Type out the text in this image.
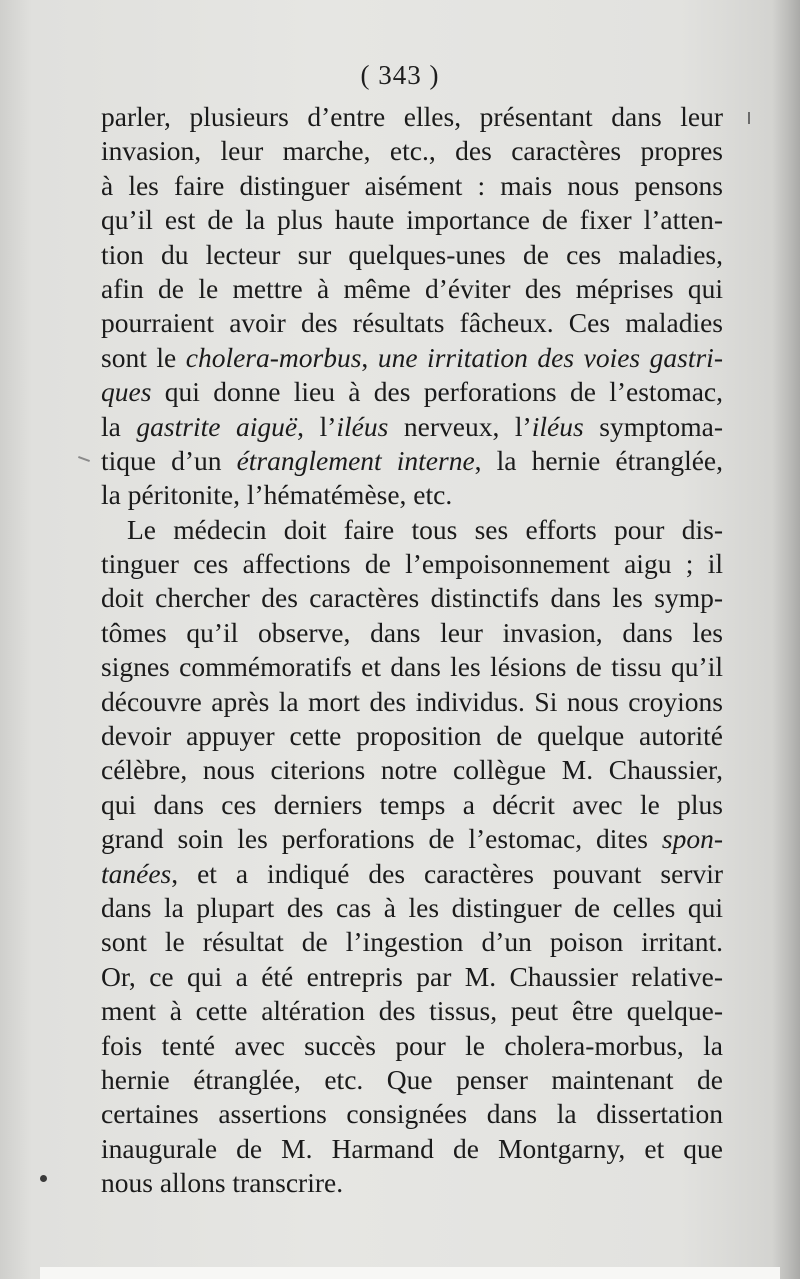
( 343 )
parler, plusieurs d’entre elles, présentant dans leur
invasion, leur marche, etc., des caractères propres
à les faire distinguer aisément : mais nous pensons
qu’il est de la plus haute importance de fixer l’atten-
tion du lecteur sur quelques-unes de ces maladies,
afin de le mettre à même d’éviter des méprises qui
pourraient avoir des résultats fâcheux. Ces maladies
sont le cholera-morbus, une irritation des voies gastri-
ques qui donne lieu à des perforations de l’estomac,
la gastrite aiguë, l’iléus nerveux, l’iléus symptoma-
tique d’un étranglement interne, la hernie étranglée,
la péritonite, l’hématémèse, etc.
Le médecin doit faire tous ses efforts pour dis-
tinguer ces affections de l’empoisonnement aigu ; il
doit chercher des caractères distinctifs dans les symp-
tômes qu’il observe, dans leur invasion, dans les
signes commémoratifs et dans les lésions de tissu qu’il
découvre après la mort des individus. Si nous croyions
devoir appuyer cette proposition de quelque autorité
célèbre, nous citerions notre collègue M. Chaussier,
qui dans ces derniers temps a décrit avec le plus
grand soin les perforations de l’estomac, dites spon-
tanées, et a indiqué des caractères pouvant servir
dans la plupart des cas à les distinguer de celles qui
sont le résultat de l’ingestion d’un poison irritant.
Or, ce qui a été entrepris par M. Chaussier relative-
ment à cette altération des tissus, peut être quelque-
fois tenté avec succès pour le cholera-morbus, la
hernie étranglée, etc. Que penser maintenant de
certaines assertions consignées dans la dissertation
inaugurale de M. Harmand de Montgarny, et que
nous allons transcrire.
